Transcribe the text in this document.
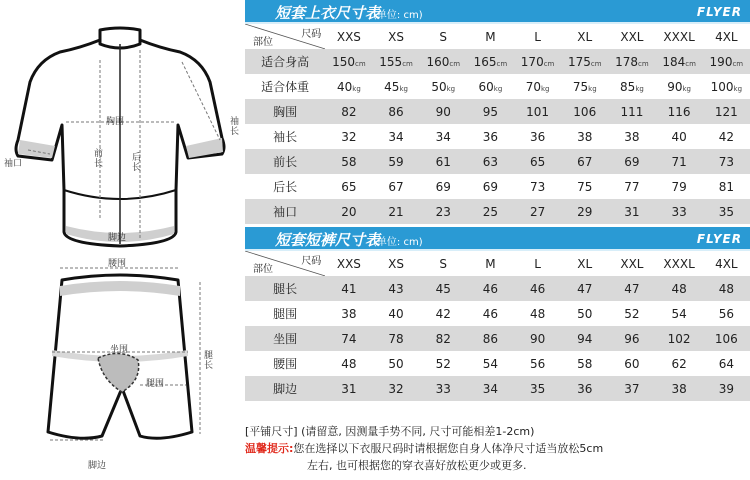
胸围
前长	后长
袖长
袖口
脚边
腰围
坐围
腿围
腿长
脚边
短套上衣尺寸表
(单位: cm)	FLYER
尺码
部位	XXS	XS	S	M	L	XL	XXL	XXXL	4XL
适合身高	150cm	155cm	160cm	165cm	170cm	175cm	178cm	184cm	190cm
适合体重	40kg	45kg	50kg	60kg	70kg	75kg	85kg	90kg	100kg
胸围	82	86	90	95	101	106	111	116	121
袖长	32	34	34	36	36	38	38	40	42
前长	58	59	61	63	65	67	69	71	73
后长	65	67	69	69	73	75	77	79	81
袖口	20	21	23	25	27	29	31	33	35
短套短裤尺寸表
(单位: cm)	FLYER
尺码
部位	XXS	XS	S	M	L	XL	XXL	XXXL	4XL
腿长	41	43	45	46	46	47	47	48	48
腿围	38	40	42	46	48	50	52	54	56
坐围	74	78	82	86	90	94	96	102	106
腰围	48	50	52	54	56	58	60	62	64
脚边	31	32	33	34	35	36	37	38	39
[平铺尺寸] (请留意, 因测量手势不同, 尺寸可能相差1-2cm)
温馨提示:您在选择以下衣服尺码时请根据您自身人体净尺寸适当放松5cm
左右, 也可根据您的穿衣喜好放松更少或更多.
